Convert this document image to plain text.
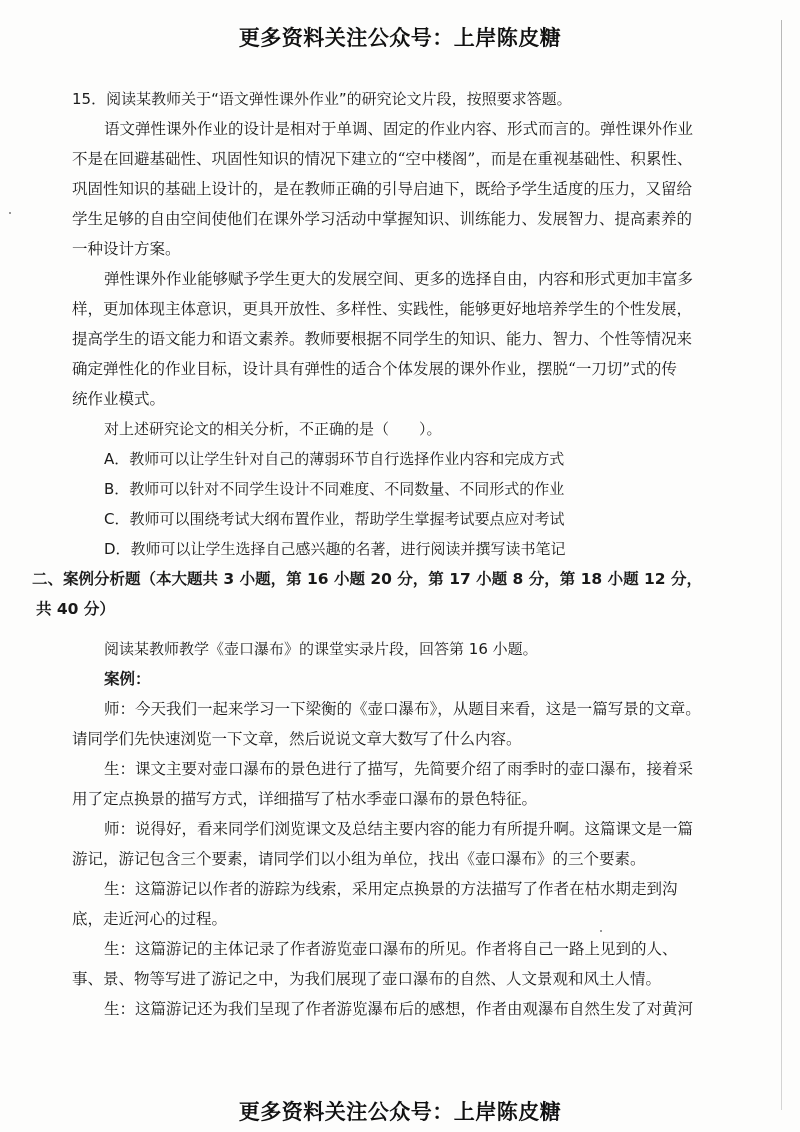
更多资料关注公众号：上岸陈皮糖
15．阅读某教师关于“语文弹性课外作业”的研究论文片段，按照要求答题。
语文弹性课外作业的设计是相对于单调、固定的作业内容、形式而言的。弹性课外作业
不是在回避基础性、巩固性知识的情况下建立的“空中楼阁”，而是在重视基础性、积累性、
巩固性知识的基础上设计的，是在教师正确的引导启迪下，既给予学生适度的压力，又留给
学生足够的自由空间使他们在课外学习活动中掌握知识、训练能力、发展智力、提高素养的
一种设计方案。
弹性课外作业能够赋予学生更大的发展空间、更多的选择自由，内容和形式更加丰富多
样，更加体现主体意识，更具开放性、多样性、实践性，能够更好地培养学生的个性发展，
提高学生的语文能力和语文素养。教师要根据不同学生的知识、能力、智力、个性等情况来
确定弹性化的作业目标，设计具有弹性的适合个体发展的课外作业，摆脱“一刀切”式的传
统作业模式。
对上述研究论文的相关分析，不正确的是（　　）。
A．教师可以让学生针对自己的薄弱环节自行选择作业内容和完成方式
B．教师可以针对不同学生设计不同难度、不同数量、不同形式的作业
C．教师可以围绕考试大纲布置作业，帮助学生掌握考试要点应对考试
D．教师可以让学生选择自己感兴趣的名著，进行阅读并撰写读书笔记
二、案例分析题（本大题共 3 小题，第 16 小题 20 分，第 17 小题 8 分，第 18 小题 12 分，
共 40 分）
阅读某教师教学《壶口瀑布》的课堂实录片段，回答第 16 小题。
案例：
师：今天我们一起来学习一下梁衡的《壶口瀑布》，从题目来看，这是一篇写景的文章。
请同学们先快速浏览一下文章，然后说说文章大数写了什么内容。
生：课文主要对壶口瀑布的景色进行了描写，先简要介绍了雨季时的壶口瀑布，接着采
用了定点换景的描写方式，详细描写了枯水季壶口瀑布的景色特征。
师：说得好，看来同学们浏览课文及总结主要内容的能力有所提升啊。这篇课文是一篇
游记，游记包含三个要素，请同学们以小组为单位，找出《壶口瀑布》的三个要素。
生：这篇游记以作者的游踪为线索，采用定点换景的方法描写了作者在枯水期走到沟
底，走近河心的过程。
生：这篇游记的主体记录了作者游览壶口瀑布的所见。作者将自己一路上见到的人、
事、景、物等写进了游记之中，为我们展现了壶口瀑布的自然、人文景观和风土人情。
生：这篇游记还为我们呈现了作者游览瀑布后的感想，作者由观瀑布自然生发了对黄河
更多资料关注公众号：上岸陈皮糖
